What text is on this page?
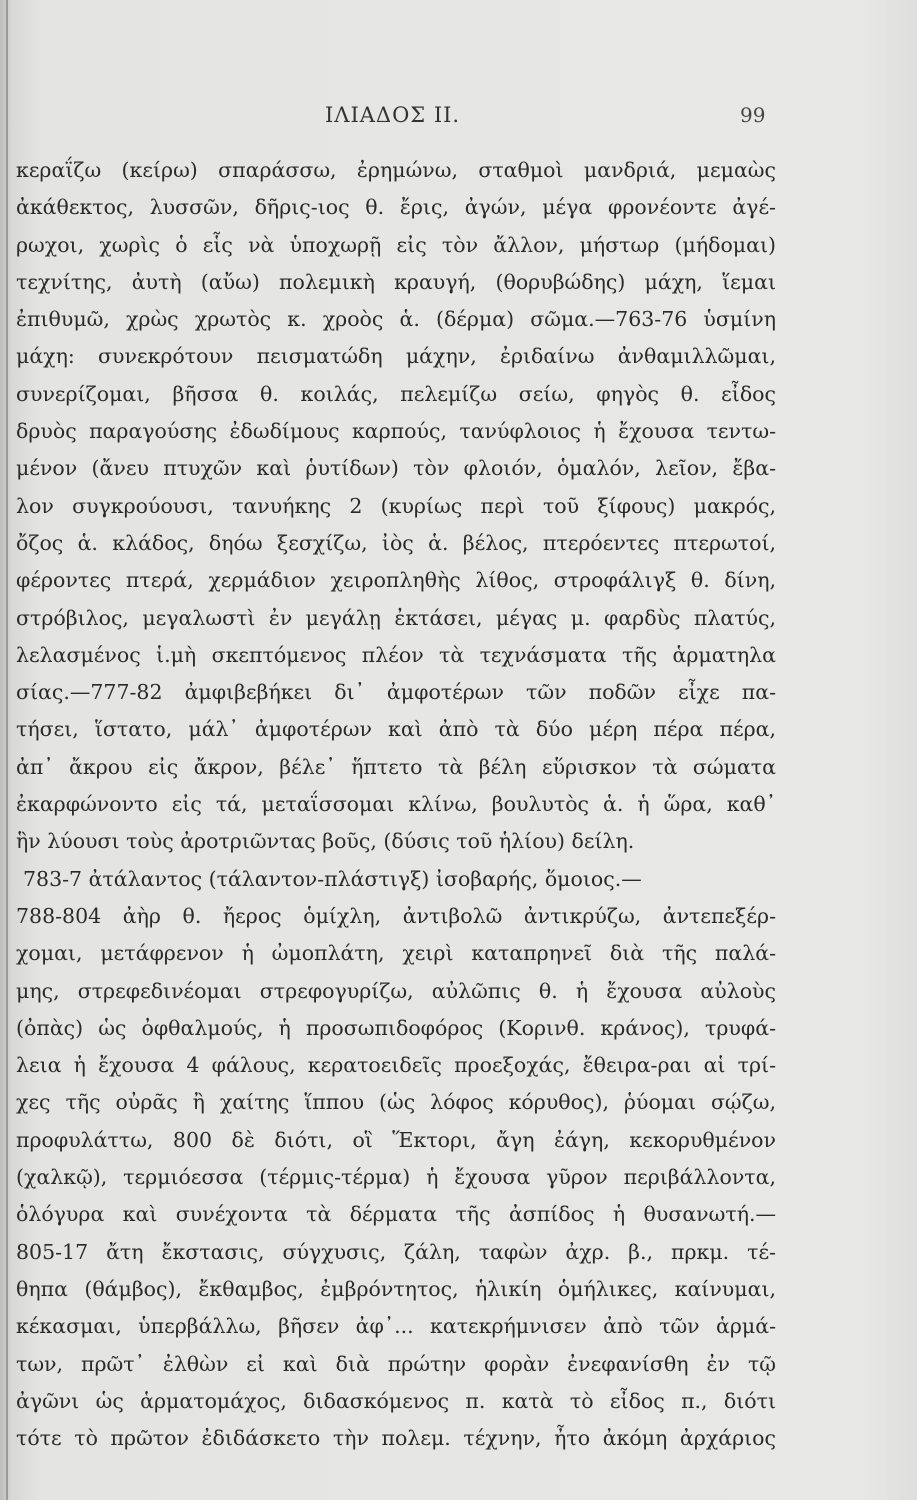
ΙΛΙΑΔΟΣ II.	99
κεραΐζω (κείρω) σπαράσσω, ἐρημώνω, σταθμοὶ μανδριά, μεμαὼς
ἀκάθεκτος, λυσσῶν, δῆρις-ιος θ. ἔρις, ἀγών, μέγα φρονέοντε ἀγέ-
ρωχοι, χωρὶς ὁ εἷς νὰ ὑποχωρῇ εἰς τὸν ἄλλον, μήστωρ (μήδομαι)
τεχνίτης, ἀυτὴ (αὔω) πολεμικὴ κραυγή, (θορυβώδης) μάχη, ἵεμαι
ἐπιθυμῶ, χρὼς χρωτὸς κ. χροὸς ἁ. (δέρμα) σῶμα.—763-76 ὑσμίνη
μάχη: συνεκρότουν πεισματώδη μάχην, ἐριδαίνω ἀνθαμιλλῶμαι,
συνερίζομαι, βῆσσα θ. κοιλάς, πελεμίζω σείω, φηγὸς θ. εἶδος
δρυὸς παραγούσης ἐδωδίμους καρπούς, τανύφλοιος ἡ ἔχουσα τεντω-
μένον (ἄνευ πτυχῶν καὶ ῥυτίδων) τὸν φλοιόν, ὁμαλόν, λεῖον, ἔβα-
λον συγκρούουσι, τανυήκης 2 (κυρίως περὶ τοῦ ξίφους) μακρός,
ὄζος ἁ. κλάδος, δηόω ξεσχίζω, ἰὸς ἁ. βέλος, πτερόεντες πτερωτοί,
φέροντες πτερά, χερμάδιον χειροπληθὴς λίθος, στροφάλιγξ θ. δίνη,
στρόβιλος, μεγαλωστὶ ἐν μεγάλῃ ἐκτάσει, μέγας μ. φαρδὺς πλατύς,
λελασμένος ἱ.μὴ σκεπτόμενος πλέον τὰ τεχνάσματα τῆς ἁρματηλα
σίας.—777-82 ἀμφιβεβήκει δι᾽ ἀμφοτέρων τῶν ποδῶν εἶχε πα-
τήσει, ἵστατο, μάλ᾽ ἀμφοτέρων καὶ ἀπὸ τὰ δύο μέρη πέρα πέρα,
ἀπ᾽ ἄκρου εἰς ἄκρον, βέλε᾽ ἥπτετο τὰ βέλη εὕρισκον τὰ σώματα
ἐκαρφώνοντο εἰς τά, μεταΐσσομαι κλίνω, βουλυτὸς ἁ. ἡ ὥρα, καθ᾽
ἣν λύουσι τοὺς ἀροτριῶντας βοῦς, (δύσις τοῦ ἡλίου) δείλη.
783-7 ἀτάλαντος (τάλαντον-πλάστιγξ) ἰσοβαρής, ὅμοιος.—
788-804 ἀὴρ θ. ἤερος ὁμίχλη, ἀντιβολῶ ἀντικρύζω, ἀντεπεξέρ-
χομαι, μετάφρενον ἡ ὠμοπλάτη, χειρὶ καταπρηνεῖ διὰ τῆς παλά-
μης, στρεφεδινέομαι στρεφογυρίζω, αὐλῶπις θ. ἡ ἔχουσα αὐλοὺς
(ὀπὰς) ὡς ὀφθαλμούς, ἡ προσωπιδοφόρος (Κορινθ. κράνος), τρυφά-
λεια ἡ ἔχουσα 4 φάλους, κερατοειδεῖς προεξοχάς, ἔθειρα-ραι αἱ τρί-
χες τῆς οὐρᾶς ἢ χαίτης ἵππου (ὡς λόφος κόρυθος), ῥύομαι σῴζω,
προφυλάττω, 800 δὲ διότι, οἳ Ἕκτορι, ἄγη ἐάγη, κεκορυθμένον
(χαλκῷ), τερμιόεσσα (τέρμις-τέρμα) ἡ ἔχουσα γῦρον περιβάλλοντα,
ὁλόγυρα καὶ συνέχοντα τὰ δέρματα τῆς ἀσπίδος ἡ θυσανωτή.—
805-17 ἄτη ἔκστασις, σύγχυσις, ζάλη, ταφὼν ἀχρ. β., πρκμ. τέ-
θηπα (θάμβος), ἔκθαμβος, ἐμβρόντητος, ἡλικίη ὁμήλικες, καίνυμαι,
κέκασμαι, ὑπερβάλλω, βῆσεν ἀφ᾽... κατεκρήμνισεν ἀπὸ τῶν ἁρμά-
των, πρῶτ᾽ ἐλθὼν εἰ καὶ διὰ πρώτην φορὰν ἐνεφανίσθη ἐν τῷ
ἀγῶνι ὡς ἁρματομάχος, διδασκόμενος π. κατὰ τὸ εἶδος π., διότι
τότε τὸ πρῶτον ἐδιδάσκετο τὴν πολεμ. τέχνην, ἦτο ἀκόμη ἀρχάριος
